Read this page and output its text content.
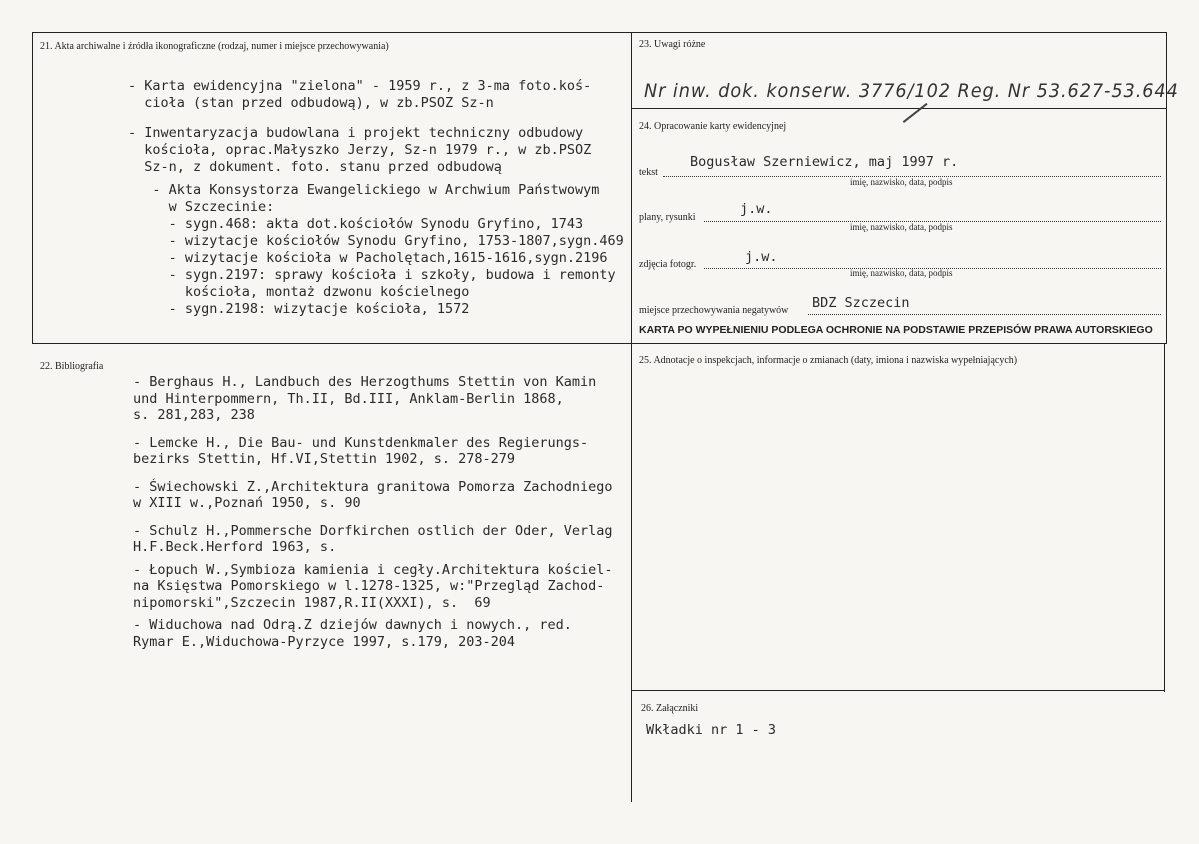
21. Akta archiwalne i źródła ikonograficzne (rodzaj, numer i miejsce przechowywania)

- Karta ewidencyjna "zielona" - 1959 r., z 3-ma foto.koś-

cioła (stan przed odbudową), w zb.PSOZ Sz-n

- Inwentaryzacja budowlana i projekt techniczny odbudowy

kościoła, oprac.Małyszko Jerzy, Sz-n 1979 r., w zb.PSOZ

Sz-n, z dokument. foto. stanu przed odbudową

- Akta Konsystorza Ewangelickiego w Archwium Państwowym

w Szczecinie:

- sygn.468: akta dot.kościołów Synodu Gryfino, 1743

- wizytacje kościołów Synodu Gryfino, 1753-1807,sygn.469

- wizytacje kościoła w Pacholętach,1615-1616,sygn.2196

- sygn.2197: sprawy kościoła i szkoły, budowa i remonty

kościoła, montaż dzwonu kościelnego

- sygn.2198: wizytacje kościoła, 1572

23. Uwagi różne
Nr inw. dok. konserw. 3776/102 Reg. Nr 53.627-53.644
24. Opracowanie karty ewidencyjnej
tekst
Bogusław Szerniewicz, maj 1997 r.
imię, nazwisko, data, podpis
plany, rysunki
j.w.
imię, nazwisko, data, podpis
zdjęcia fotogr.	j.w.
imię, nazwisko, data, podpis
miejsce przechowywania negatywów BDZ Szczecin
KARTA PO WYPEŁNIENIU PODLEGA OCHRONIE NA PODSTAWIE PRZEPISÓW PRAWA AUTORSKIEGO
22. Bibliografia

- Berghaus H., Landbuch des Herzogthums Stettin von Kamin

und Hinterpommern, Th.II, Bd.III, Anklam-Berlin 1868,

s. 281,283, 238

- Lemcke H., Die Bau- und Kunstdenkmaler des Regierungs-

bezirks Stettin, Hf.VI,Stettin 1902, s. 278-279

- Świechowski Z.,Architektura granitowa Pomorza Zachodniego

w XIII w.,Poznań 1950, s. 90

- Schulz H.,Pommersche Dorfkirchen ostlich der Oder, Verlag

H.F.Beck.Herford 1963, s.

- Łopuch W.,Symbioza kamienia i cegły.Architektura kościel-

na Księstwa Pomorskiego w l.1278-1325, w:"Przegląd Zachod-

nipomorski",Szczecin 1987,R.II(XXXI), s.  69

- Widuchowa nad Odrą.Z dziejów dawnych i nowych., red.

Rymar E.,Widuchowa-Pyrzyce 1997, s.179, 203-204

25. Adnotacje o inspekcjach, informacje o zmianach (daty, imiona i nazwiska wypełniających)
26. Załączniki
Wkładki nr 1 - 3
